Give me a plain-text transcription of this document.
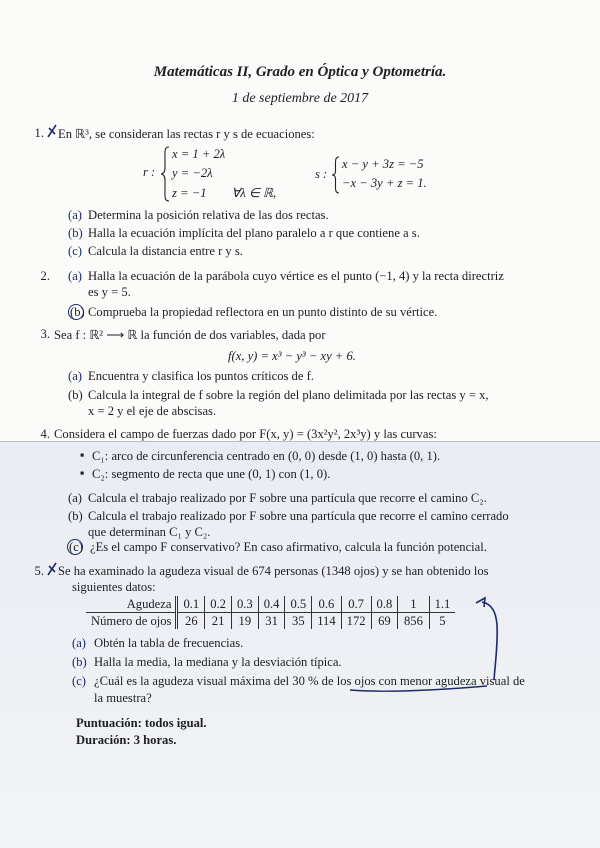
Matemáticas II, Grado en Óptica y Optometría.
1 de septiembre de 2017
1. En ℝ³, se consideran las rectas r y s de ecuaciones:
r :
x = 1 + 2λ
y = −2λ
z = −1        ∀λ ∈ ℝ,
s :
x − y + 3z = −5
−x − 3y + z = 1.
(a) Determina la posición relativa de las dos rectas.
(b) Halla la ecuación implícita del plano paralelo a r que contiene a s.
(c) Calcula la distancia entre r y s.
2. (a) Halla la ecuación de la parábola cuyo vértice es el punto (−1, 4) y la recta directriz
es y = 5.
(b) Comprueba la propiedad reflectora en un punto distinto de su vértice.
3. Sea f : ℝ² ⟶ ℝ la función de dos variables, dada por
f(x, y) = x³ − y³ − xy + 6.
(a) Encuentra y clasifica los puntos críticos de f.
(b) Calcula la integral de f sobre la región del plano delimitada por las rectas y = x,
x = 2 y el eje de abscisas.
4. Considera el campo de fuerzas dado por F(x, y) = (3x²y², 2x³y) y las curvas:
▪ C₁: arco de circunferencia centrado en (0, 0) desde (1, 0) hasta (0, 1).
▪ C₂: segmento de recta que une (0, 1) con (1, 0).
(a) Calcula el trabajo realizado por F sobre una partícula que recorre el camino C₂.
(b) Calcula el trabajo realizado por F sobre una partícula que recorre el camino cerrado
que determinan C₁ y C₂.
(c) ¿Es el campo F conservativo? En caso afirmativo, calcula la función potencial.
5. Se ha examinado la agudeza visual de 674 personas (1348 ojos) y se han obtenido los
siguientes datos:
Agudeza	0.1	0.2	0.3	0.4	0.5	0.6	0.7	0.8	1	1.1
Número de ojos	26	21	19	31	35	114	172	69	856	5
(a) Obtén la tabla de frecuencias.
(b) Halla la media, la mediana y la desviación típica.
(c) ¿Cuál es la agudeza visual máxima del 30 % de los ojos con menor agudeza visual de
la muestra?
Puntuación: todos igual.
Duración: 3 horas.
